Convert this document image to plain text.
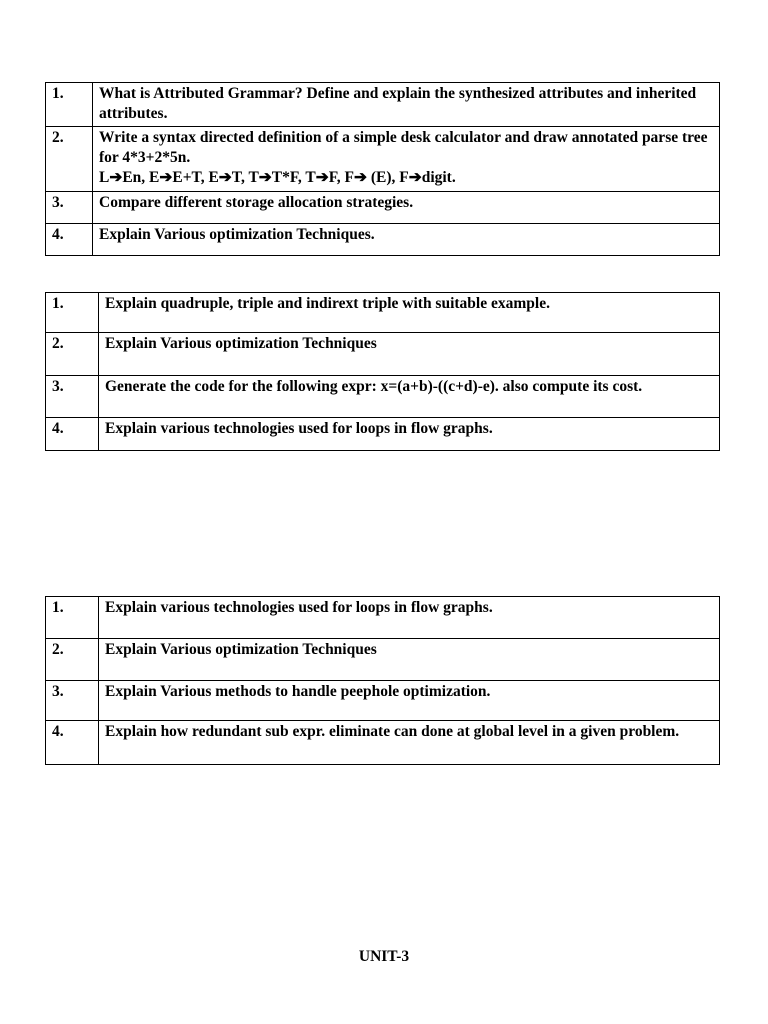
1.	What is Attributed Grammar? Define and explain the synthesized attributes and inherited attributes.
2.	Write a syntax directed definition of a simple desk calculator and draw annotated parse tree for 4*3+2*5n.
L➔En, E➔E+T, E➔T, T➔T*F, T➔F, F➔ (E), F➔digit.

3.	Compare different storage allocation strategies.
4.	Explain Various optimization Techniques.
1.	Explain quadruple, triple and indirext triple with suitable example.
2.	Explain Various optimization Techniques
3.	Generate the code for the following expr: x=(a+b)-((c+d)-e). also compute its cost.
4.	Explain various technologies used for loops in flow graphs.
1.	Explain various technologies used for loops in flow graphs.
2.	Explain Various optimization Techniques
3.	Explain Various methods to handle peephole optimization.
4.	Explain how redundant sub expr. eliminate can done at global level in a given problem.
UNIT-3
